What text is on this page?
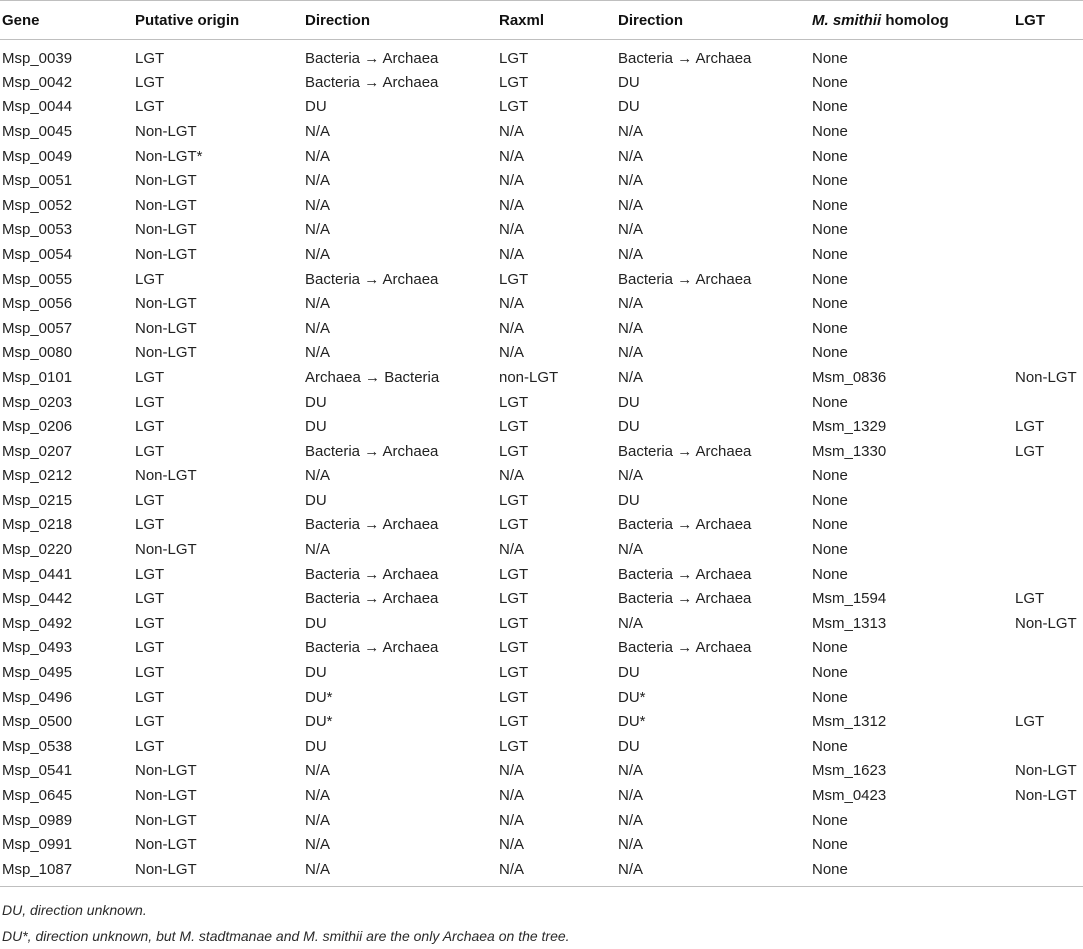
Gene	Putative origin	Direction	Raxml	Direction	M. smithii homolog	LGT
Msp_0039	LGT	Bacteria → Archaea	LGT	Bacteria → Archaea	None	
Msp_0042	LGT	Bacteria → Archaea	LGT	DU	None	
Msp_0044	LGT	DU	LGT	DU	None	
Msp_0045	Non-LGT	N/A	N/A	N/A	None	
Msp_0049	Non-LGT*	N/A	N/A	N/A	None	
Msp_0051	Non-LGT	N/A	N/A	N/A	None	
Msp_0052	Non-LGT	N/A	N/A	N/A	None	
Msp_0053	Non-LGT	N/A	N/A	N/A	None	
Msp_0054	Non-LGT	N/A	N/A	N/A	None	
Msp_0055	LGT	Bacteria → Archaea	LGT	Bacteria → Archaea	None	
Msp_0056	Non-LGT	N/A	N/A	N/A	None	
Msp_0057	Non-LGT	N/A	N/A	N/A	None	
Msp_0080	Non-LGT	N/A	N/A	N/A	None	
Msp_0101	LGT	Archaea → Bacteria	non-LGT	N/A	Msm_0836	Non-LGT
Msp_0203	LGT	DU	LGT	DU	None	
Msp_0206	LGT	DU	LGT	DU	Msm_1329	LGT
Msp_0207	LGT	Bacteria → Archaea	LGT	Bacteria → Archaea	Msm_1330	LGT
Msp_0212	Non-LGT	N/A	N/A	N/A	None	
Msp_0215	LGT	DU	LGT	DU	None	
Msp_0218	LGT	Bacteria → Archaea	LGT	Bacteria → Archaea	None	
Msp_0220	Non-LGT	N/A	N/A	N/A	None	
Msp_0441	LGT	Bacteria → Archaea	LGT	Bacteria → Archaea	None	
Msp_0442	LGT	Bacteria → Archaea	LGT	Bacteria → Archaea	Msm_1594	LGT
Msp_0492	LGT	DU	LGT	N/A	Msm_1313	Non-LGT
Msp_0493	LGT	Bacteria → Archaea	LGT	Bacteria → Archaea	None	
Msp_0495	LGT	DU	LGT	DU	None	
Msp_0496	LGT	DU*	LGT	DU*	None	
Msp_0500	LGT	DU*	LGT	DU*	Msm_1312	LGT
Msp_0538	LGT	DU	LGT	DU	None	
Msp_0541	Non-LGT	N/A	N/A	N/A	Msm_1623	Non-LGT
Msp_0645	Non-LGT	N/A	N/A	N/A	Msm_0423	Non-LGT
Msp_0989	Non-LGT	N/A	N/A	N/A	None	
Msp_0991	Non-LGT	N/A	N/A	N/A	None	
Msp_1087	Non-LGT	N/A	N/A	N/A	None	
DU, direction unknown.
DU*, direction unknown, but M. stadtmanae and M. smithii are the only Archaea on the tree.
